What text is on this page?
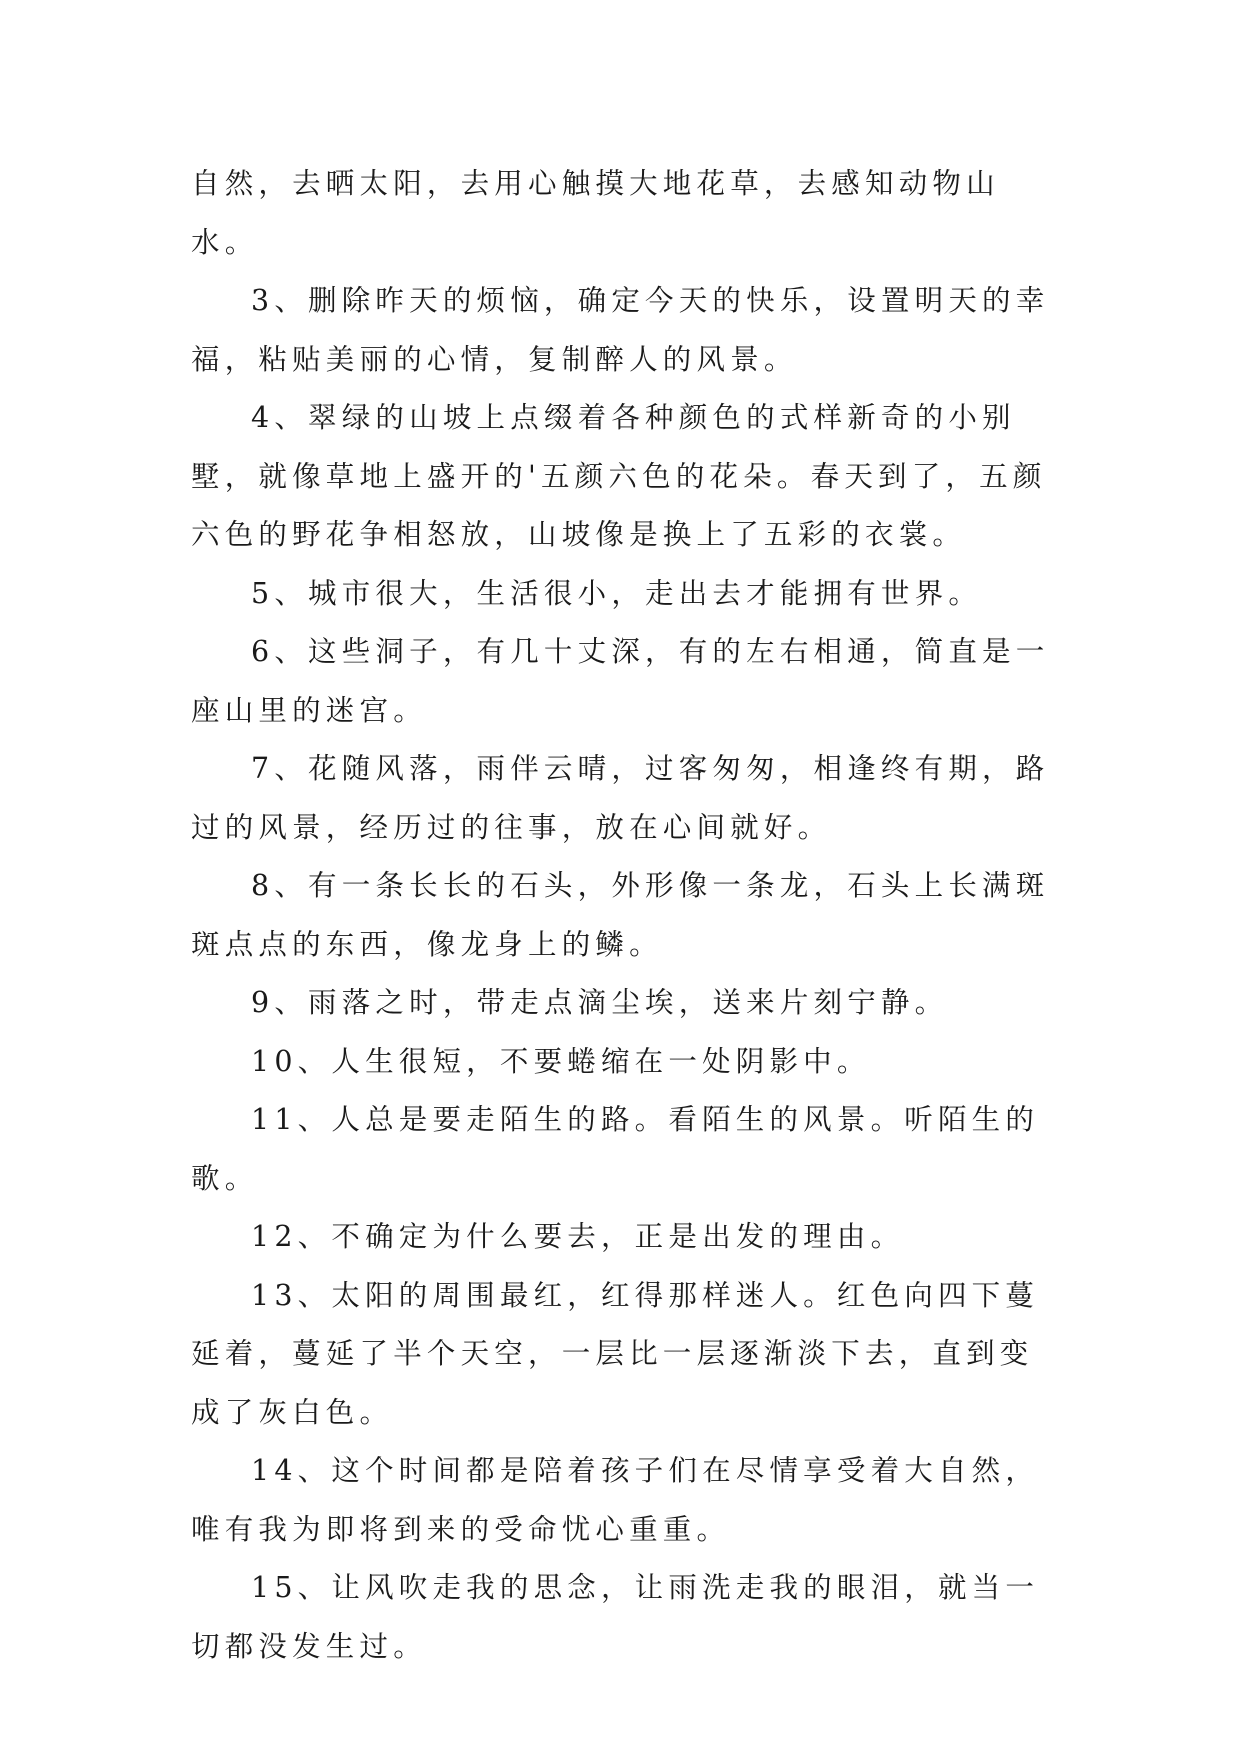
自然，去晒太阳，去用心触摸大地花草，去感知动物山水。

3、删除昨天的烦恼，确定今天的快乐，设置明天的幸福，粘贴美丽的心情，复制醉人的风景。

4、翠绿的山坡上点缀着各种颜色的式样新奇的小别墅，就像草地上盛开的'五颜六色的花朵。春天到了，五颜六色的野花争相怒放，山坡像是换上了五彩的衣裳。

5、城市很大，生活很小，走出去才能拥有世界。

6、这些洞子，有几十丈深，有的左右相通，简直是一座山里的迷宫。

7、花随风落，雨伴云晴，过客匆匆，相逢终有期，路过的风景，经历过的往事，放在心间就好。

8、有一条长长的石头，外形像一条龙，石头上长满斑斑点点的东西，像龙身上的鳞。

9、雨落之时，带走点滴尘埃，送来片刻宁静。

10、人生很短，不要蜷缩在一处阴影中。

11、人总是要走陌生的路。看陌生的风景。听陌生的歌。

12、不确定为什么要去，正是出发的理由。

13、太阳的周围最红，红得那样迷人。红色向四下蔓延着，蔓延了半个天空，一层比一层逐渐淡下去，直到变成了灰白色。

14、这个时间都是陪着孩子们在尽情享受着大自然，唯有我为即将到来的受命忧心重重。

15、让风吹走我的思念，让雨洗走我的眼泪，就当一切都没发生过。
